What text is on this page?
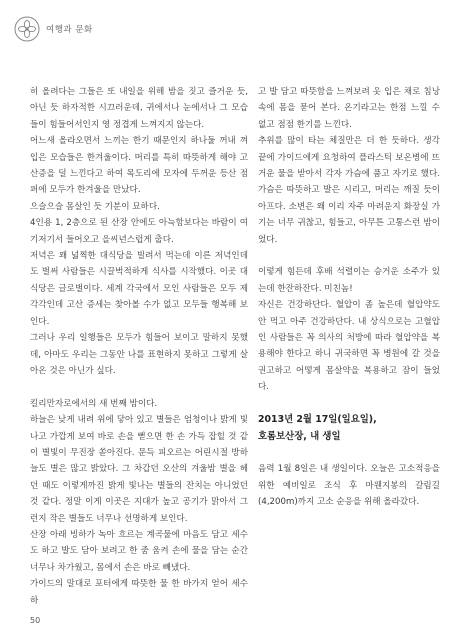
여행과 문화

히 올려다는 그들은 또 내일을 위해 밤을 짓고 즐거운 듯, 아닌 듯 하자적한 시끄러운데, 귀에서나 눈에서나 그 모습들이 힘들어서인지 영 정겹게 느껴지지 않는다.

어느새 올라오면서 느끼는 한기 때문인지 하나둘 꺼내 껴입은 모습들은 한겨울이다. 머리를 특히 따뜻하게 해야 고산증을 덜 느낀다고 하여 목도리에 모자에 두꺼운 등산 점퍼에 모두가 한겨울을 만났다.

으슬으슬 몸살인 듯 기분이 묘하다.

4인용 1, 2층으로 된 산장 안에도 아늑함보다는 바람이 여기저기서 들어오고 을씨년스럽게 춥다.

저녁은 꽤 넓찍한 대식당을 빌려서 먹는데 이른 저녁인데도 벌써 사람들은 시끌벅적하게 식사를 시작했다. 이곳 대식당은 글로벌이다. 세계 각국에서 모인 사람들은 모두 제각각인데 고산 증세는 찾아볼 수가 없고 모두들 행복해 보인다.

그러나 우리 일행들은 모두가 힘들어 보이고 말하지 못했데, 아마도 우리는 그동안 나를 표현하지 못하고 그렇게 살아온 것은 아닌가 싶다.

킬리만자로에서의 새 번째 밤이다.

하늘은 낮게 내려 위에 닿아 있고 별들은 엄청이나 밝게 빛나고 가깝게 보여 바로 손을 뻗으면 한 손 가득 잡힐 것 같이 별빛이 무진장 쏟아진다. 문득 피오르는 어린시절 방하늘도 별은 많고 밝았다. 그 차갑던 오산의 겨울밤 별을 헤던 때도 이렇게까진 밝게 빛나는 별들의 잔치는 아니었던 것 같다. 정말 이게 이곳은 지대가 높고 공기가 맑아서 그런지 작은 별들도 너무나 선명하게 보인다.

산장 아래 빙하가 녹아 흐르는 계곡물에 마음도 담고 세수도 하고 발도 담아 보려고 한 줌 움켜 손에 물을 담는 순간 너무나 차가웠고, 몸에서 손은 바로 빼냈다.

가이드의 말대로 포터에게 따뜻한 물 한 바가지 얻어 세수하

고 발 담고 따뜻함을 느껴보려 옷 입은 채로 침낭 속에 몸을 묻어 본다. 온기라고는 한점 느낄 수 없고 점점 한기를 느낀다.

추위를 많이 타는 체질만은 더 한 듯하다. 생각 끝에 가이드에게 요청하여 플라스틱 보온병에 뜨거운 물을 받아서 각자 가슴에 품고 자기로 했다. 가슴은 따뜻하고 발은 시리고, 머리는 깨질 듯이 아프다. 소변은 왜 이리 자주 마려운지 화장실 가기는 너무 귀찮고, 힘들고, 아무튼 고통스런 밤이었다.

이렇게 힘든데 후배 석렬이는 승거운 소주가 있는데 한잔하잔다. 미친놈!

자신은 건강하단다. 혈압이 좀 높은데 혈압약도 안 먹고 아주 건강하단다. 내 상식으로는 고혈압인 사람들은 꼭 의사의 처방에 따라 혈압약을 복용해야 한다고 하니 귀국하면 꼭 병원에 갈 것을 권고하고 어떻게 몸살약을 복용하고 잠이 들었다.

2013년 2월 17일(일요일),

호롬보산장, 내 생일

음력 1월 8일은 내 생일이다. 오늘은 고소적응을 위한 예비일로 조식 후 마웬지봉의 갈림길(4,200m)까지 고소 순응을 위해 올라갔다.

50
